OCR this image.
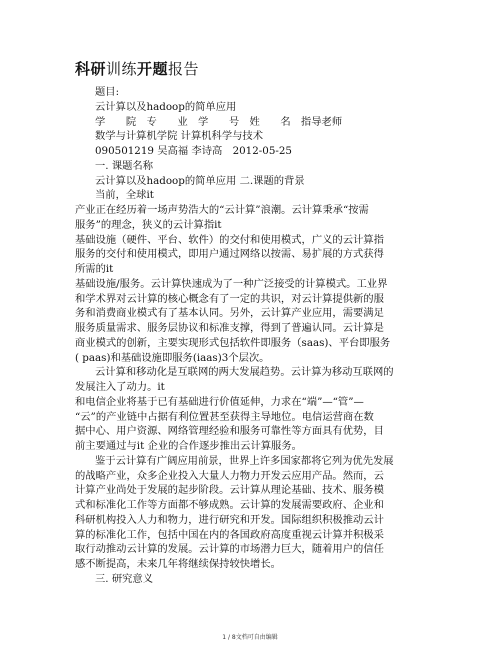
科研训练开题报告
题目:
云计算以及hadoop的简单应用
学　　院　专　　业　学　　号　姓　　名　指导老师
数学与计算机学院 计算机科学与技术
090501219 吴高福 李诗高　2012-05-25
一. 课题名称
云计算以及hadoop的简单应用 二.课题的背景
当前，全球it
产业正在经历着一场声势浩大的“云计算”浪潮。云计算秉承“按需
服务”的理念，狭义的云计算指it
基础设施（硬件、平台、软件）的交付和使用模式，广义的云计算指
服务的交付和使用模式，即用户通过网络以按需、易扩展的方式获得
所需的it
基础设施/服务。云计算快速成为了一种广泛接受的计算模式。工业界
和学术界对云计算的核心概念有了一定的共识，对云计算提供新的服
务和消费商业模式有了基本认同。另外，云计算产业应用，需要满足
服务质量需求、服务层协议和标准支撑，得到了普遍认同。云计算是
商业模式的创新，主要实现形式包括软件即服务（saas)、平台即服务
( paas)和基础设施即服务(iaas)3个层次。
云计算和移动化是互联网的两大发展趋势。云计算为移动互联网的
发展注入了动力。it
和电信企业将基于已有基础进行价值延伸，力求在“端”—“管”—
“云”的产业链中占据有利位置甚至获得主导地位。电信运营商在数
据中心、用户资源、网络管理经验和服务可靠性等方面具有优势，目
前主要通过与it 企业的合作逐步推出云计算服务。
鉴于云计算有广阔应用前景，世界上许多国家都将它列为优先发展
的战略产业，众多企业投入大量人力物力开发云应用产品。然而，云
计算产业尚处于发展的起步阶段。云计算从理论基础、技术、服务模
式和标准化工作等方面都不够成熟。云计算的发展需要政府、企业和
科研机构投入人力和物力，进行研究和开发。国际组织积极推动云计
算的标准化工作，包括中国在内的各国政府高度重视云计算并积极采
取行动推动云计算的发展。云计算的市场潜力巨大，随着用户的信任
感不断提高，未来几年将继续保持较快增长。
三. 研究意义
1 / 8文档可自由编辑
